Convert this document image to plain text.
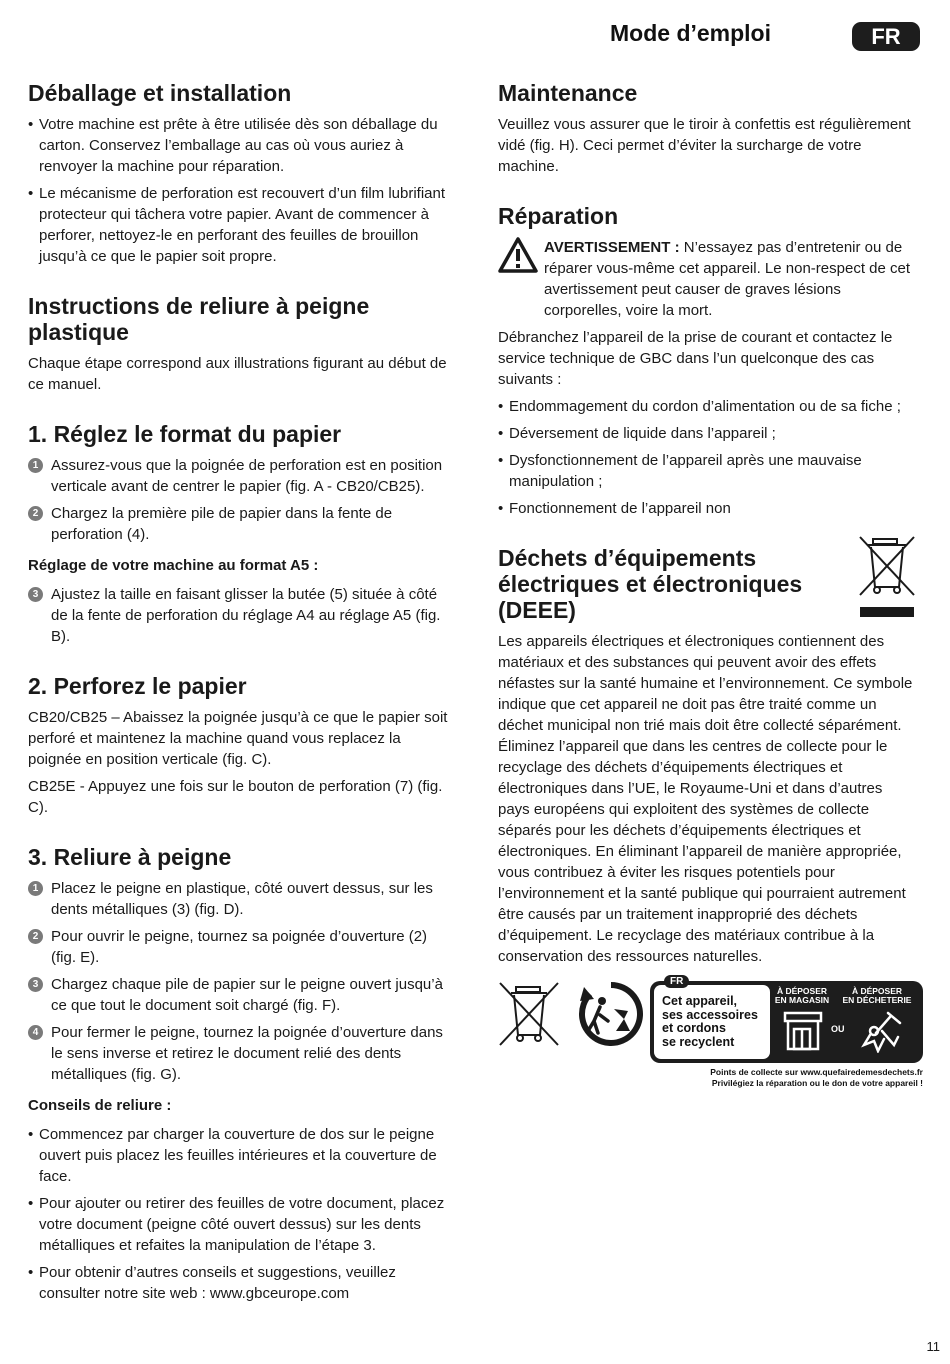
Mode d’emploi	FR
Déballage et installation
• Votre machine est prête à être utilisée dès son déballage du carton. Conservez l’emballage au cas où vous auriez à renvoyer la machine pour réparation.
• Le mécanisme de perforation est recouvert d’un film lubrifiant protecteur qui tâchera votre papier. Avant de commencer à perforer, nettoyez-le en perforant des feuilles de brouillon jusqu’à ce que le papier soit propre.
Instructions de reliure à peigne plastique

Chaque étape correspond aux illustrations figurant au début de ce manuel.

1. Réglez le format du papier
1 Assurez-vous que la poignée de perforation est en position verticale avant de centrer le papier (fig. A - CB20/CB25).
2 Chargez la première pile de papier dans la fente de perforation (4).
Réglage de votre machine au format A5 :
3 Ajustez la taille en faisant glisser la butée (5) située à côté de la fente de perforation du réglage A4 au réglage A5 (fig. B).
2. Perforez le papier

CB20/CB25 – Abaissez la poignée jusqu’à ce que le papier soit perforé et maintenez la machine quand vous replacez la poignée en position verticale (fig. C).

CB25E - Appuyez une fois sur le bouton de perforation (7) (fig. C).

3. Reliure à peigne
1 Placez le peigne en plastique, côté ouvert dessus, sur les dents métalliques (3) (fig. D).
2 Pour ouvrir le peigne, tournez sa poignée d’ouverture (2) (fig. E).
3 Chargez chaque pile de papier sur le peigne ouvert jusqu’à ce que tout le document soit chargé (fig. F).
4 Pour fermer le peigne, tournez la poignée d’ouverture dans le sens inverse et retirez le document relié des dents métalliques (fig. G).
Conseils de reliure :
• Commencez par charger la couverture de dos sur le peigne ouvert puis placez les feuilles intérieures et la couverture de face.
• Pour ajouter ou retirer des feuilles de votre document, placez votre document (peigne côté ouvert dessus) sur les dents métalliques et refaites la manipulation de l’étape 3.
• Pour obtenir d’autres conseils et suggestions, veuillez consulter notre site web : www.gbceurope.com
Maintenance

Veuillez vous assurer que le tiroir à confettis est régulièrement vidé (fig. H). Ceci permet d’éviter la surcharge de votre machine.

Réparation

AVERTISSEMENT : N’essayez pas d’entretenir ou de réparer vous-même cet appareil. Le non-respect de cet avertissement peut causer de graves lésions corporelles, voire la mort.

Débranchez l’appareil de la prise de courant et contactez le service technique de GBC dans l’un quelconque des cas suivants :

• Endommagement du cordon d’alimentation ou de sa fiche ;
• Déversement de liquide dans l’appareil ;
• Dysfonctionnement de l’appareil après une mauvaise manipulation ;
• Fonctionnement de l’appareil non
Déchets d’équipements électriques et électroniques (DEEE)

Les appareils électriques et électroniques contiennent des matériaux et des substances qui peuvent avoir des effets néfastes sur la santé humaine et l’environnement. Ce symbole indique que cet appareil ne doit pas être traité comme un déchet municipal non trié mais doit être collecté séparément. Éliminez l’appareil que dans les centres de collecte pour le recyclage des déchets d’équipements électriques et électroniques dans l’UE, le Royaume-Uni et dans d’autres pays européens qui exploitent des systèmes de collecte séparés pour les déchets d’équipements électriques et électroniques. En éliminant l’appareil de manière appropriée, vous contribuez à éviter les risques potentiels pour l’environnement et la santé publique qui pourraient autrement être causés par un traitement inapproprié des déchets d’équipement. Le recyclage des matériaux contribue à la conservation des ressources naturelles.

Cet appareil,
ses accessoires
et cordons
se recyclent
FR
À DÉPOSER
EN MAGASIN
À DÉPOSER
EN DÉCHETERIE
OU
Points de collecte sur www.quefairedemesdechets.fr
Privilégiez la réparation ou le don de votre appareil !
11
